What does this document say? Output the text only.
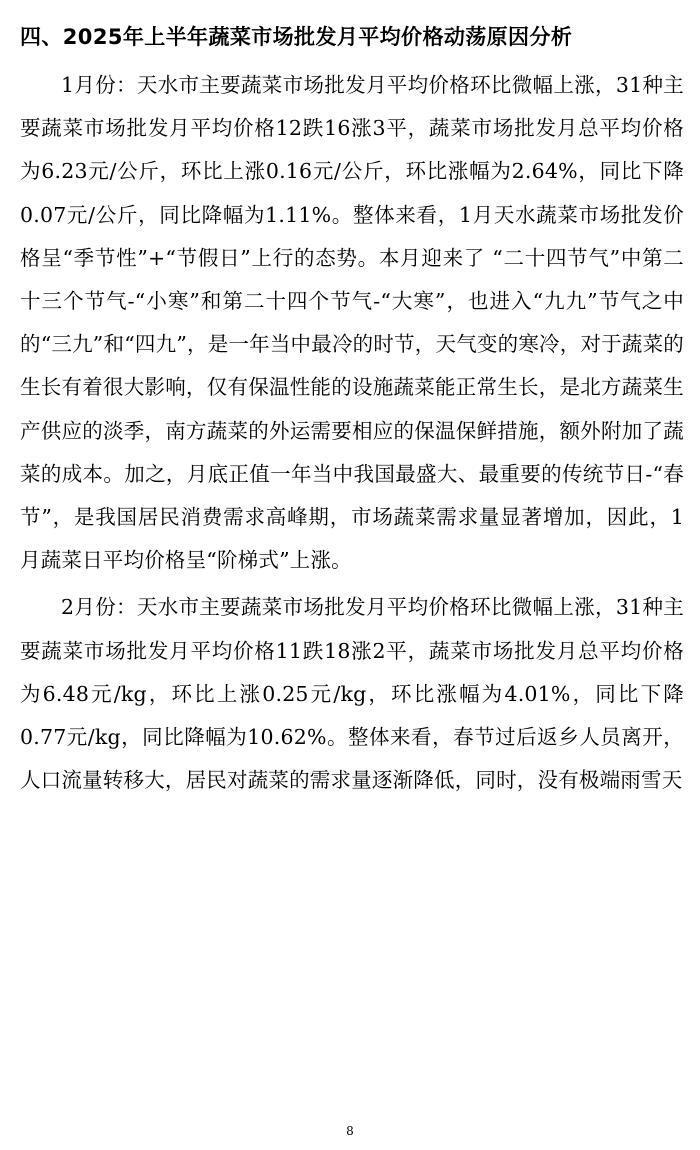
四、2025年上半年蔬菜市场批发月平均价格动荡原因分析

1月份：天水市主要蔬菜市场批发月平均价格环比微幅上涨，31种主要蔬菜市场批发月平均价格12跌16涨3平，蔬菜市场批发月总平均价格为6.23元/公斤，环比上涨0.16元/公斤，环比涨幅为2.64%，同比下降0.07元/公斤，同比降幅为1.11%。整体来看，1月天水蔬菜市场批发价格呈“季节性”+“节假日”上行的态势。本月迎来了 “二十四节气”中第二十三个节气-“小寒”和第二十四个节气-“大寒”，也进入“九九”节气之中的“三九”和“四九”，是一年当中最冷的时节，天气变的寒冷，对于蔬菜的生长有着很大影响，仅有保温性能的设施蔬菜能正常生长，是北方蔬菜生产供应的淡季，南方蔬菜的外运需要相应的保温保鲜措施，额外附加了蔬菜的成本。加之，月底正值一年当中我国最盛大、最重要的传统节日-“春节”，是我国居民消费需求高峰期，市场蔬菜需求量显著增加，因此，1月蔬菜日平均价格呈“阶梯式”上涨。

2月份：天水市主要蔬菜市场批发月平均价格环比微幅上涨，31种主要蔬菜市场批发月平均价格11跌18涨2平，蔬菜市场批发月总平均价格为6.48元/kg，环比上涨0.25元/kg，环比涨幅为4.01%，同比下降0.77元/kg，同比降幅为10.62%。整体来看，春节过后返乡人员离开，人口流量转移大，居民对蔬菜的需求量逐渐降低，同时，没有极端雨雪天

8
